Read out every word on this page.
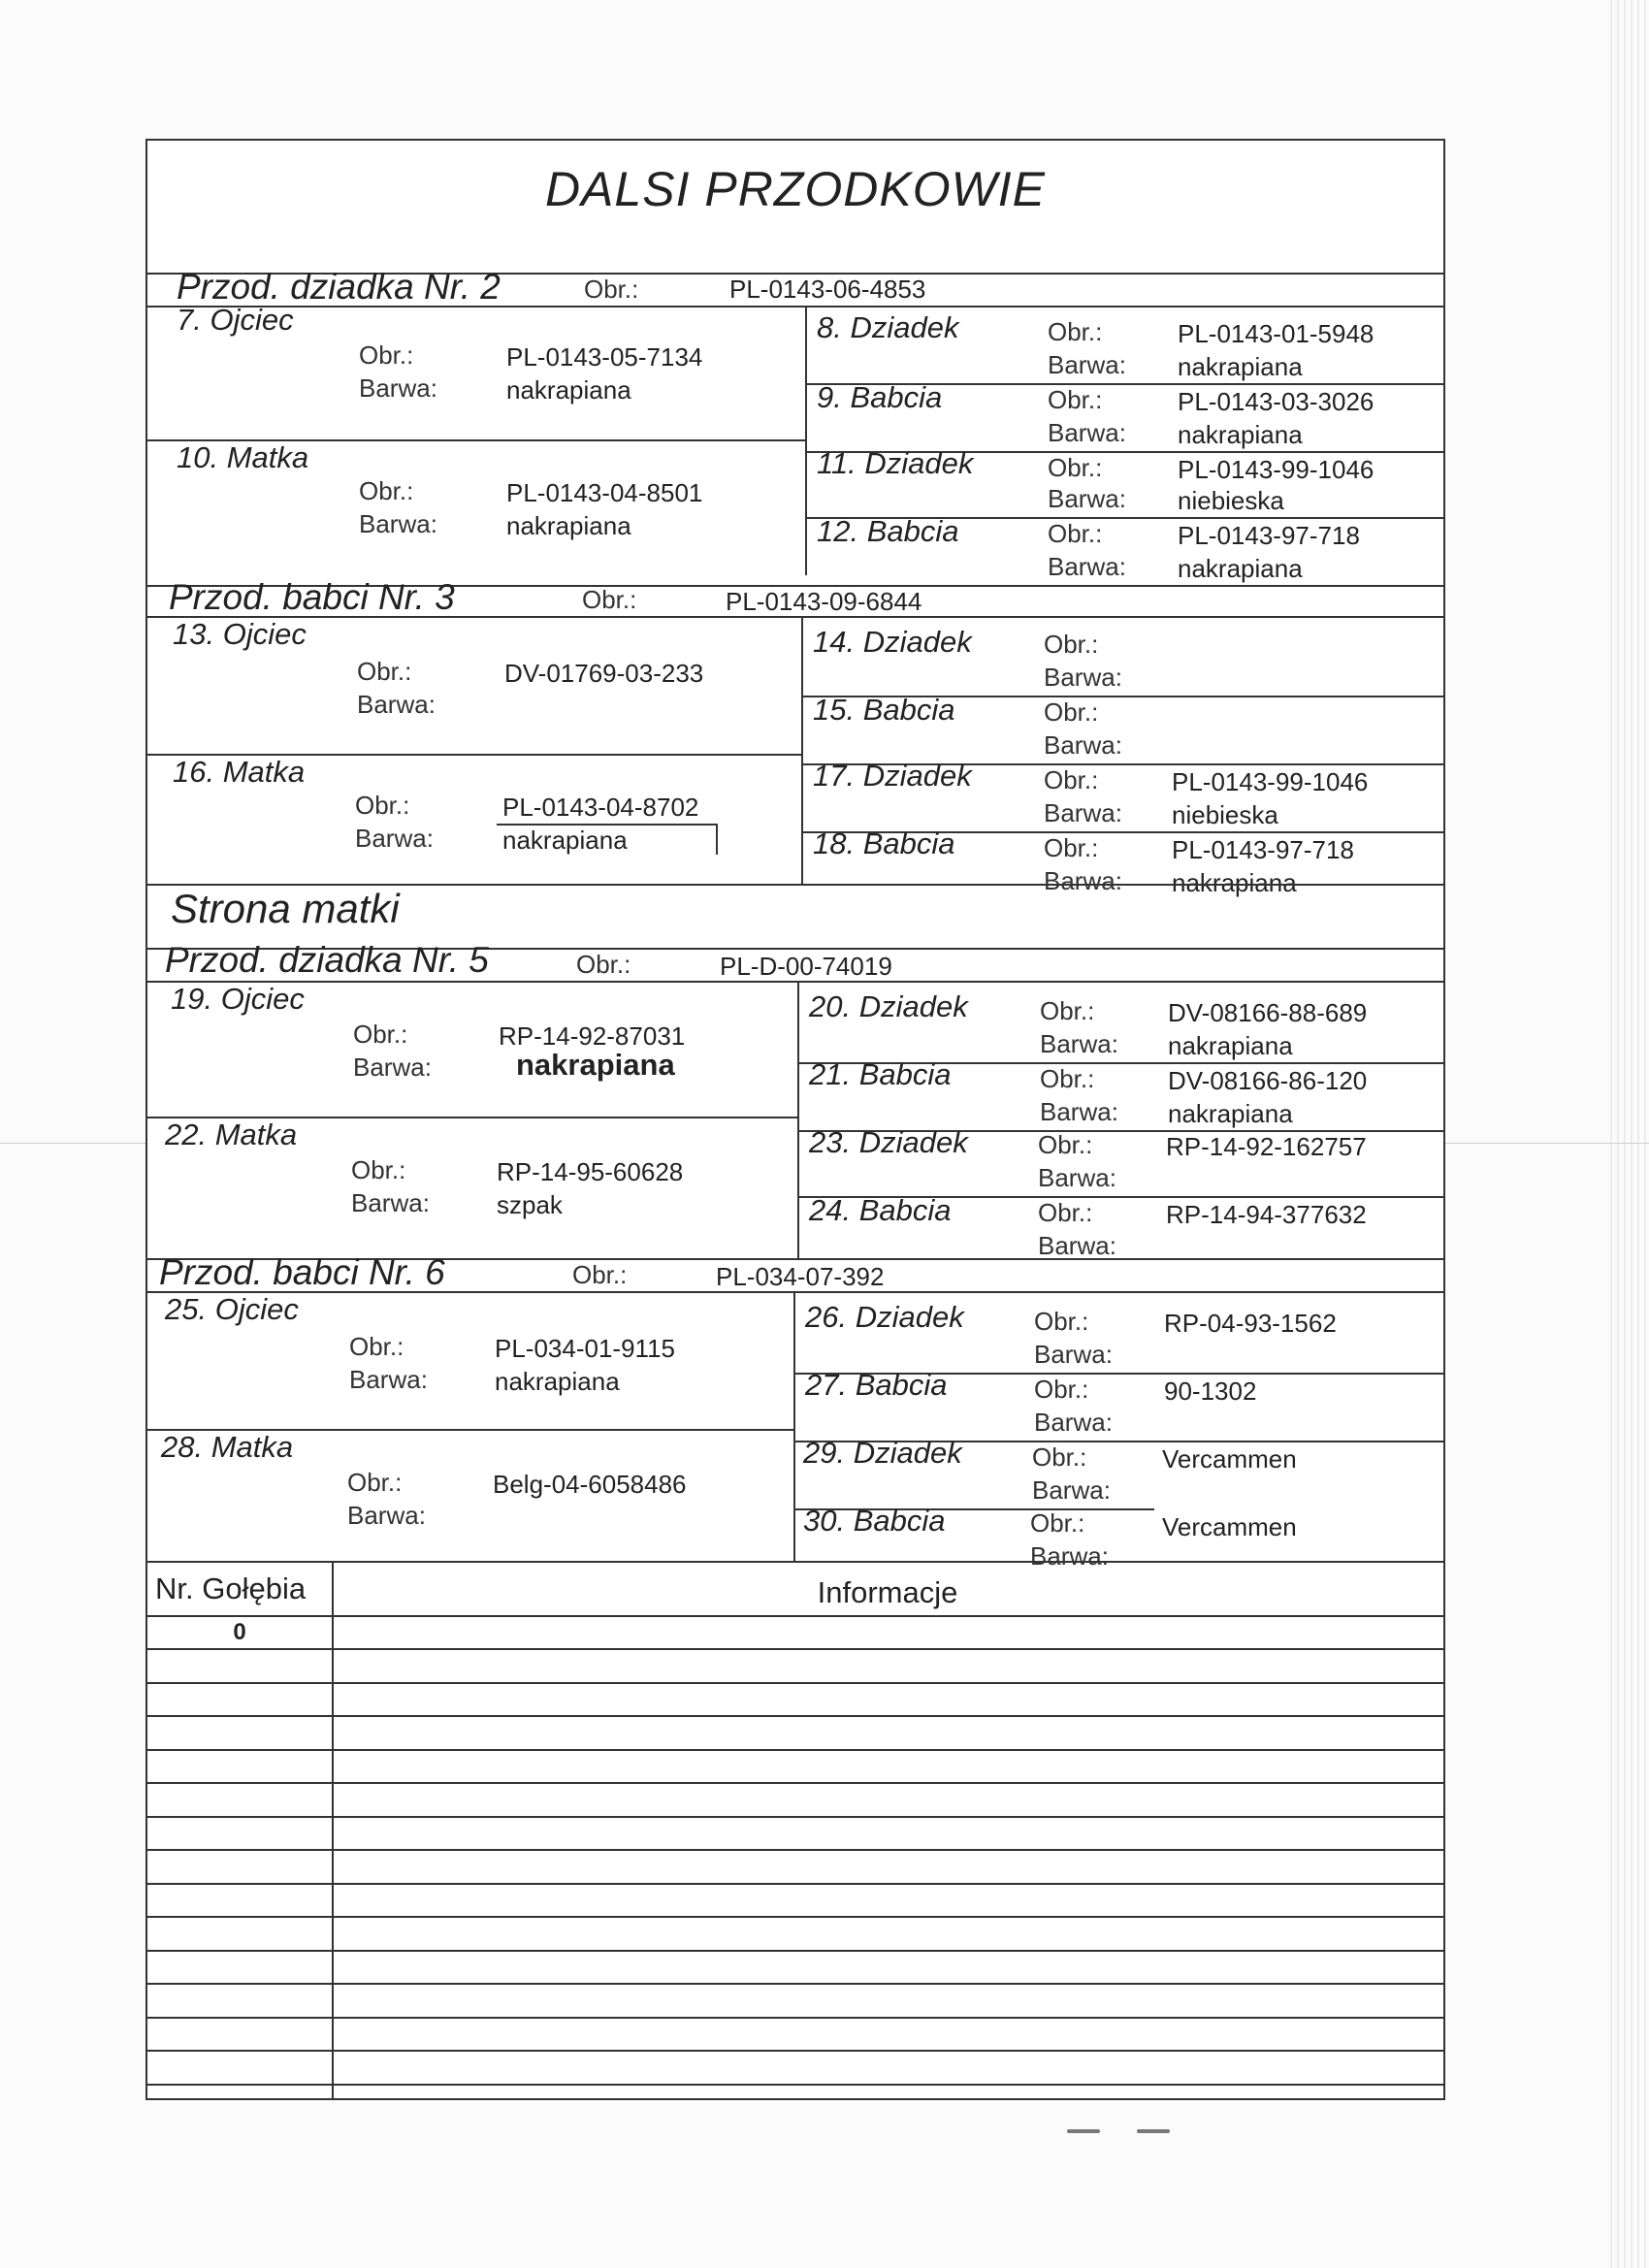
DALSI PRZODKOWIE
Przod. dziadka Nr. 2	Obr.:	PL-0143-06-4853
7. Ojciec
Obr.:	PL-0143-05-7134
Barwa:	nakrapiana
8. Dziadek	Obr.:	PL-0143-01-5948
Barwa: nakrapiana
9. Babcia	Obr.:	PL-0143-03-3026
Barwa: nakrapiana
10. Matka
Obr.:	PL-0143-04-8501
Barwa:	nakrapiana
11. Dziadek	Obr.:	PL-0143-99-1046
Barwa: niebieska
12. Babcia	Obr.:	PL-0143-97-718
Barwa: nakrapiana
Przod. babci Nr. 3	Obr.:	PL-0143-09-6844
13. Ojciec
Obr.:	DV-01769-03-233
Barwa:
14. Dziadek	Obr.:
Barwa:
15. Babcia	Obr.:
Barwa:
16. Matka
Obr.:	PL-0143-04-8702
Barwa:	nakrapiana
17. Dziadek	Obr.:	PL-0143-99-1046
Barwa: niebieska
18. Babcia	Obr.:	PL-0143-97-718
Barwa: nakrapiana
Strona matki
Przod. dziadka Nr. 5	Obr.:	PL-D-00-74019
19. Ojciec
Obr.:	RP-14-92-87031
Barwa:	nakrapiana
20. Dziadek	Obr.:	DV-08166-88-689
Barwa: nakrapiana
21. Babcia	Obr.:	DV-08166-86-120
Barwa: nakrapiana
22. Matka
Obr.:	RP-14-95-60628
Barwa:	szpak
23. Dziadek	Obr.:	RP-14-92-162757
Barwa:
24. Babcia	Obr.:	RP-14-94-377632
Barwa:
Przod. babci Nr. 6	Obr.:	PL-034-07-392
25. Ojciec
Obr.:	PL-034-01-9115
Barwa:	nakrapiana
26. Dziadek	Obr.:	RP-04-93-1562
Barwa:
27. Babcia	Obr.:	90-1302
Barwa:
28. Matka
Obr.:	Belg-04-6058486
Barwa:
29. Dziadek	Obr.:	Vercammen
Barwa:
30. Babcia	Obr.:	Vercammen
Barwa:
Nr. Gołębia	Informacje
0
